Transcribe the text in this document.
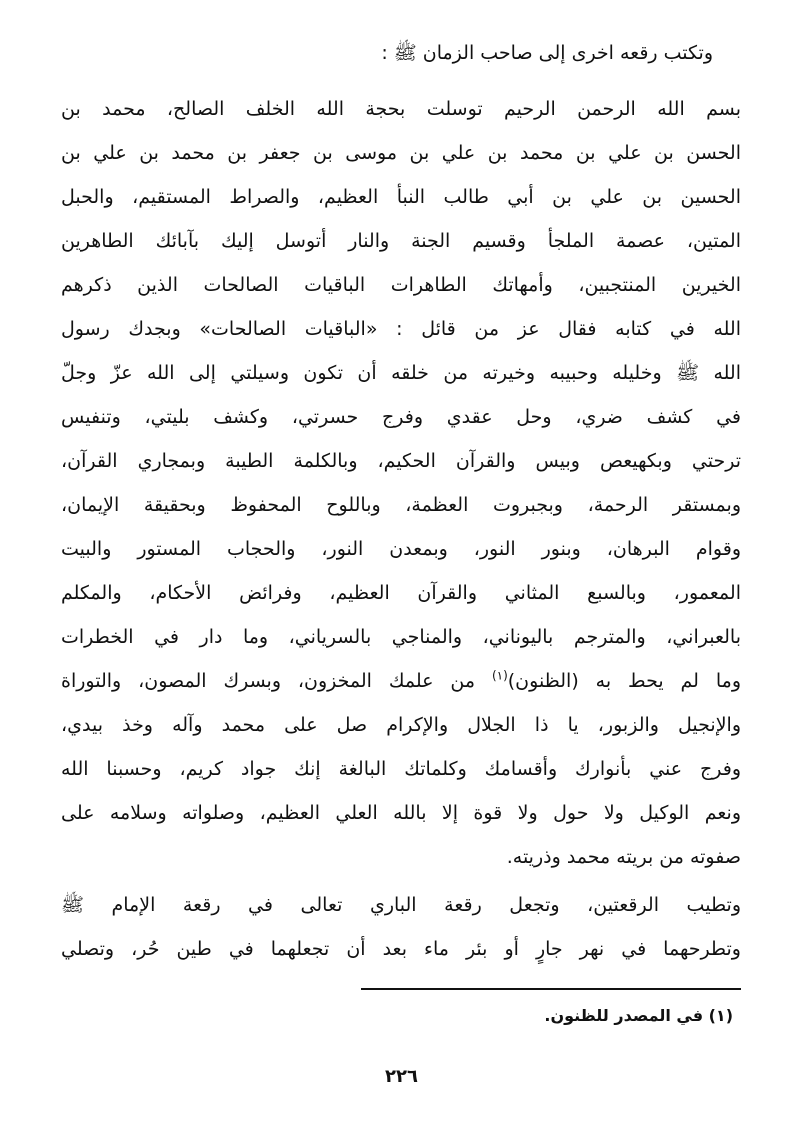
وتكتب رقعه اخرى إلى صاحب الزمان ﷺ :
بسم الله الرحمن الرحيم توسلت بحجة الله الخلف الصالح، محمد بن
الحسن بن علي بن محمد بن علي بن موسى بن جعفر بن محمد بن علي بن
الحسين بن علي بن أبي طالب النبأ العظيم، والصراط المستقيم، والحبل
المتين، عصمة الملجأ وقسيم الجنة والنار أتوسل إليك بآبائك الطاهرين
الخيرين المنتجبين، وأمهاتك الطاهرات الباقيات الصالحات الذين ذكرهم
الله في كتابه فقال عز من قائل : «الباقيات الصالحات» وبجدك رسول
الله ﷺ وخليله وحبيبه وخيرته من خلقه أن تكون وسيلتي إلى الله عزّ وجلّ
في كشف ضري، وحل عقدي وفرج حسرتي، وكشف بليتي، وتنفيس
ترحتي وبكهيعص وبيس والقرآن الحكيم، وبالكلمة الطيبة وبمجاري القرآن،
وبمستقر الرحمة، وبجبروت العظمة، وباللوح المحفوظ وبحقيقة الإيمان،
وقوام البرهان، وبنور النور، وبمعدن النور، والحجاب المستور والبيت
المعمور، وبالسبع المثاني والقرآن العظيم، وفرائض الأحكام، والمكلم
بالعبراني، والمترجم باليوناني، والمناجي بالسرياني، وما دار في الخطرات
وما لم يحط به (الظنون)$^{(١)}$ من علمك المخزون، وبسرك المصون، والتوراة
والإنجيل والزبور، يا ذا الجلال والإكرام صل على محمد وآله وخذ بيدي،
وفرج عني بأنوارك وأقسامك وكلماتك البالغة إنك جواد كريم، وحسبنا الله
ونعم الوكيل ولا حول ولا قوة إلا بالله العلي العظيم، وصلواته وسلامه على
صفوته من بريته محمد وذريته.
وتطيب الرقعتين، وتجعل رقعة الباري تعالى في رقعة الإمام ﷺ
وتطرحهما في نهر جارٍ أو بئر ماء بعد أن تجعلهما في طين حُر، وتصلي
(١) في المصدر للظنون.
٢٢٦
